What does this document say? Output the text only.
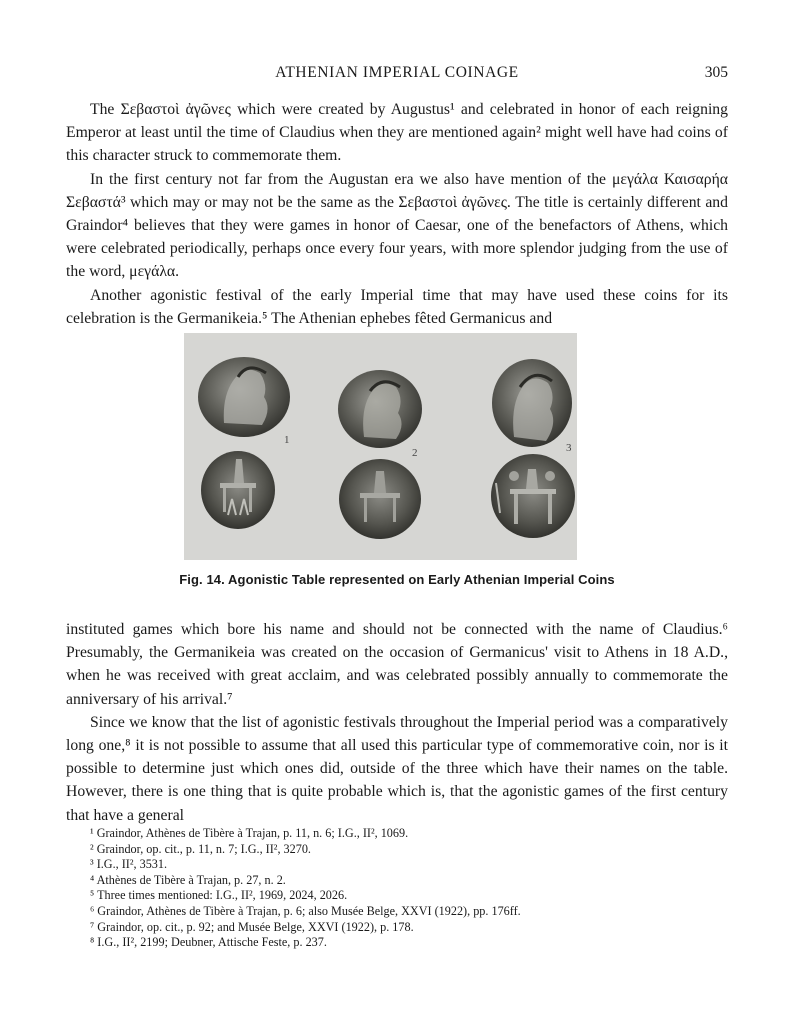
ATHENIAN IMPERIAL COINAGE	305

The Σεβαστοὶ ἀγῶνες which were created by Augustus¹ and celebrated in honor of each reigning Emperor at least until the time of Claudius when they are mentioned again² might well have had coins of this character struck to commemorate them.

In the first century not far from the Augustan era we also have mention of the μεγάλα Καισαρήα Σεβαστά³ which may or may not be the same as the Σεβαστοὶ ἀγῶνες. The title is certainly different and Graindor⁴ believes that they were games in honor of Caesar, one of the benefactors of Athens, which were celebrated periodically, perhaps once every four years, with more splendor judging from the use of the word, μεγάλα.

Another agonistic festival of the early Imperial time that may have used these coins for its celebration is the Germanikeia.⁵ The Athenian ephebes fêted Germanicus and

1
2	3
Fig. 14. Agonistic Table represented on Early Athenian Imperial Coins

instituted games which bore his name and should not be connected with the name of Claudius.⁶ Presumably, the Germanikeia was created on the occasion of Germanicus' visit to Athens in 18 A.D., when he was received with great acclaim, and was celebrated possibly annually to commemorate the anniversary of his arrival.⁷

Since we know that the list of agonistic festivals throughout the Imperial period was a comparatively long one,⁸ it is not possible to assume that all used this particular type of commemorative coin, nor is it possible to determine just which ones did, outside of the three which have their names on the table. However, there is one thing that is quite probable which is, that the agonistic games of the first century that have a general

¹ Graindor, Athènes de Tibère à Trajan, p. 11, n. 6; I.G., II², 1069.
² Graindor, op. cit., p. 11, n. 7; I.G., II², 3270.
³ I.G., II², 3531.
⁴ Athènes de Tibère à Trajan, p. 27, n. 2.
⁵ Three times mentioned: I.G., II², 1969, 2024, 2026.
⁶ Graindor, Athènes de Tibère à Trajan, p. 6; also Musée Belge, XXVI (1922), pp. 176ff.
⁷ Graindor, op. cit., p. 92; and Musée Belge, XXVI (1922), p. 178.
⁸ I.G., II², 2199; Deubner, Attische Feste, p. 237.
